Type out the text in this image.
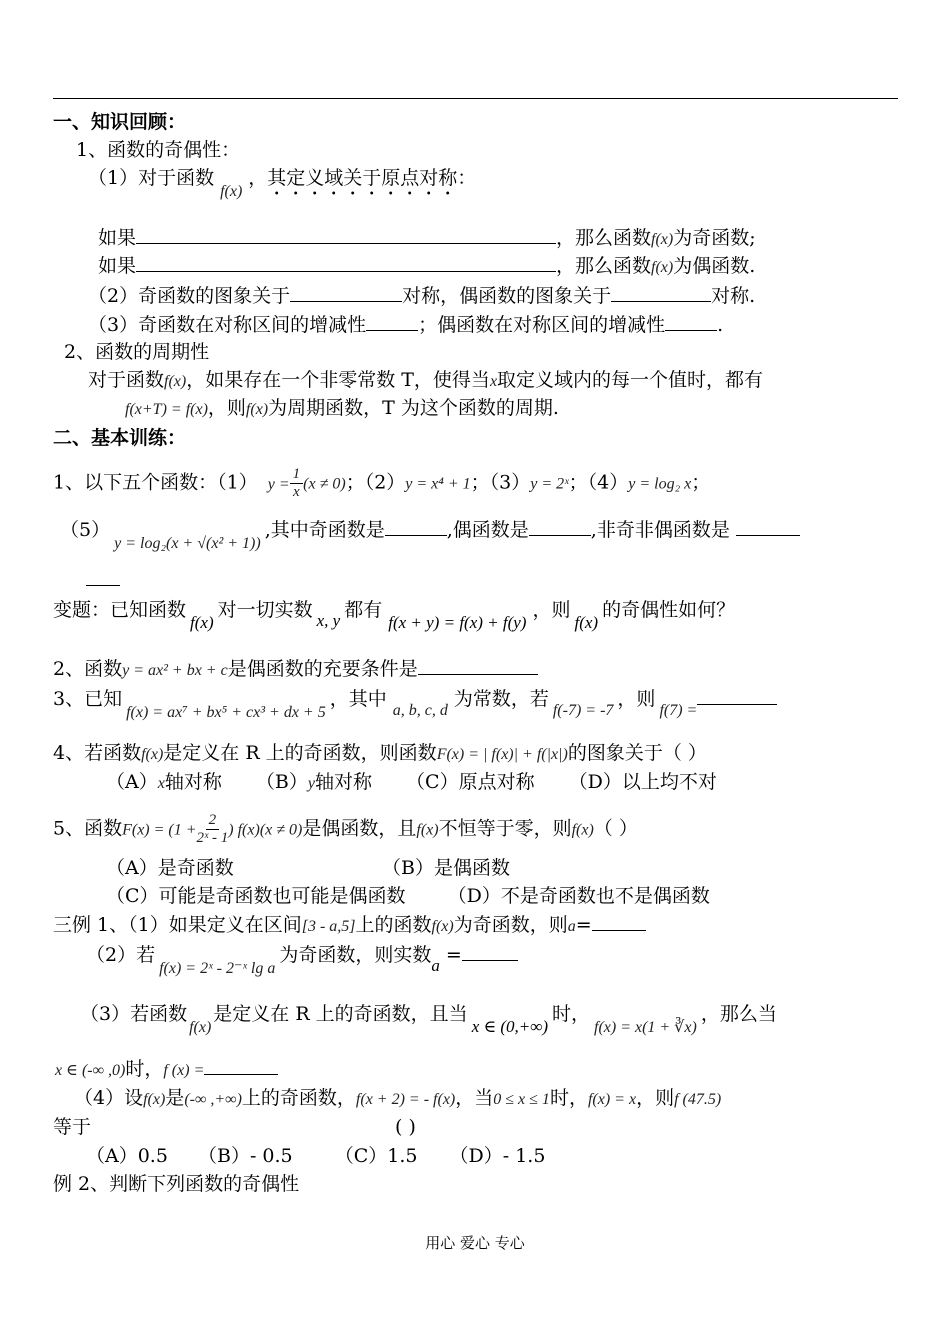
一、知识回顾：
1、函数的奇偶性：
（1）对于函数$_{f(x)}$，其定义域关于原点对称：
如果	，那么函数f(x)为奇函数;
如果	，那么函数f(x)为偶函数.
（2）奇函数的图象关于	对称，偶函数的图象关于	对称.
（3）奇函数在对称区间的增减性	；偶函数在对称区间的增减性	.
2、函数的周期性
对于函数f(x)，如果存在一个非零常数 T，使得当x取定义域内的每一个值时，都有
f(x+T) = f(x)，则f(x)为周期函数，T 为这个函数的周期.
二、基本训练：
1、以下五个函数：（1） $y = \frac{1}{x} (x \ne 0)$；（2）y = x⁴ + 1；（3）y = 2ˣ；（4）y = log₂ x；
$(5)_{y = log_2(x + √(x^2 + 1))}$,其中奇函数是	,偶函数是	,非奇非偶函数是
变题：已知函数f(x)对一切实数 x, y 都有f(x + y) = f(x) + f(y)，则f(x)的奇偶性如何？
2、函数y = ax² + bx + c是偶函数的充要条件是
3、已知$_{f(x) = ax^7 + bx^5 + cx^3 + dx + 5}$，其中$_{a, b, c, d}$为常数，若$_{f(-7) = -7}$，则$_{f(7) =}$
4、若函数f(x)是定义在 R 上的奇函数，则函数F(x) = | f(x)| + f(|x|)的图象关于（ ）
（A）x轴对称 （B）y轴对称 （C）原点对称 （D）以上均不对
5、函数$F(x) = (1 + \frac{2}{\text{2ˣ - 1}}$ ) f(x)(x ≠ 0)是偶函数，且f(x)不恒等于零，则f(x)（ ）
（A）是奇函数	（B）是偶函数
（C）可能是奇函数也可能是偶函数 （D）不是奇函数也不是偶函数
三例 1、（1）如果定义在区间[3 - a,5]上的函数f(x)为奇函数，则a=
（2）若$_{f(x) = 2ˣ - 2^-ˣ lg a}$为奇函数，则实数a =
（3）若函数$_{f(x)}$是定义在 R 上的奇函数，且当x ∈ (0,+∞)时，$_{f(x) = x(1 + ∛x)}$，那么当
x ∈ (-∞ ,0)时，f (x) =
（4）设f(x)是(-∞ ,+∞)上的奇函数，f(x + 2) = - f(x)，当0 ≤ x ≤ 1时，f(x) = x，则f (47.5)
等于	( )
（A）0.5 （B）- 0.5 （C）1.5 （D）- 1.5
例 2、判断下列函数的奇偶性
用心 爱心 专心
